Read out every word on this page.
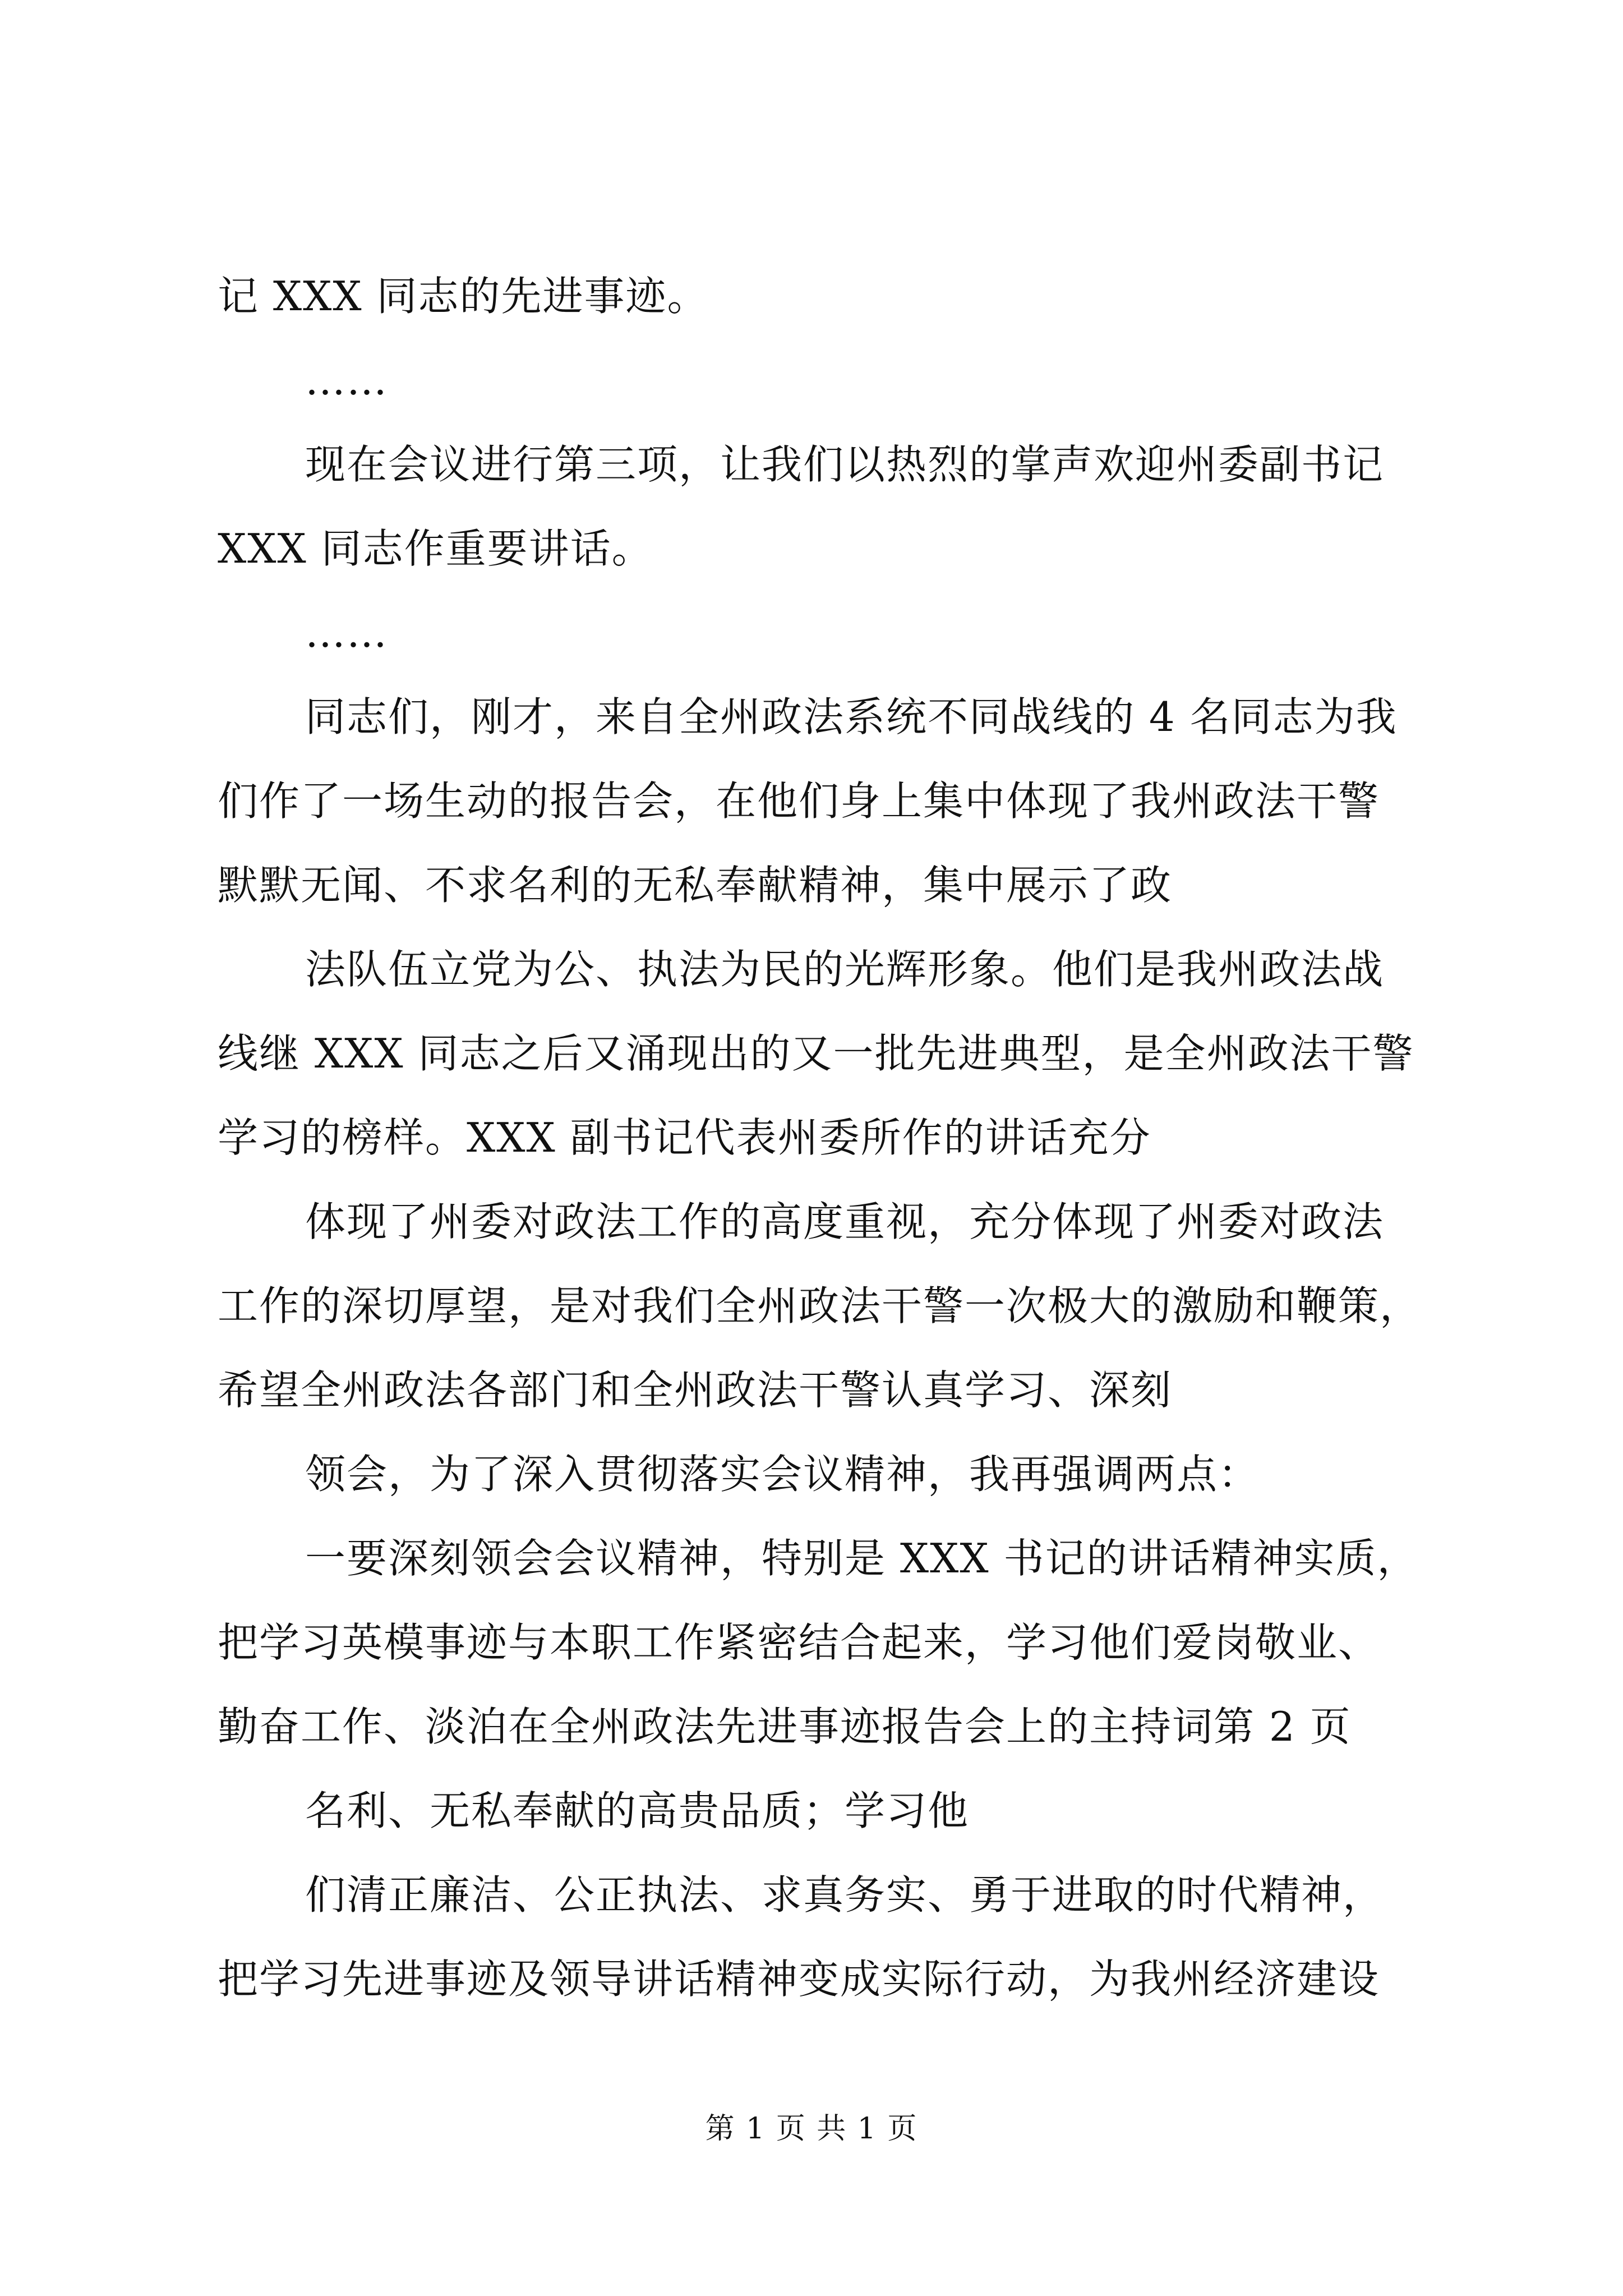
记 XXX 同志的先进事迹。
……
现在会议进行第三项，让我们以热烈的掌声欢迎州委副书记
XXX 同志作重要讲话。
……
同志们，刚才，来自全州政法系统不同战线的 4 名同志为我
们作了一场生动的报告会，在他们身上集中体现了我州政法干警
默默无闻、不求名利的无私奉献精神，集中展示了政
法队伍立党为公、执法为民的光辉形象。他们是我州政法战
线继 XXX 同志之后又涌现出的又一批先进典型，是全州政法干警
学习的榜样。XXX 副书记代表州委所作的讲话充分
体现了州委对政法工作的高度重视，充分体现了州委对政法
工作的深切厚望，是对我们全州政法干警一次极大的激励和鞭策，
希望全州政法各部门和全州政法干警认真学习、深刻
领会，为了深入贯彻落实会议精神，我再强调两点：
一要深刻领会会议精神，特别是 XXX 书记的讲话精神实质，
把学习英模事迹与本职工作紧密结合起来，学习他们爱岗敬业、
勤奋工作、淡泊在全州政法先进事迹报告会上的主持词第 2 页
名利、无私奉献的高贵品质；学习他
们清正廉洁、公正执法、求真务实、勇于进取的时代精神，
把学习先进事迹及领导讲话精神变成实际行动，为我州经济建设
第 1 页 共 1 页
